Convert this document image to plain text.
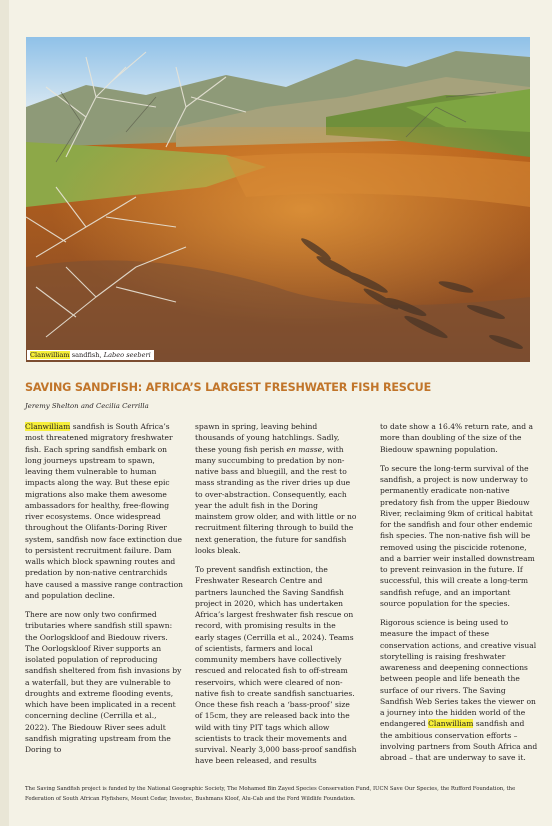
Clanwilliam sandfish, Labeo seeberi
SAVING SANDFISH: AFRICA’S LARGEST FRESHWATER FISH RESCUE
Jeremy Shelton and Cecilia Cerrilla

Clanwilliam sandfish is South Africa’s most threatened migratory freshwater fish. Each spring sandfish embark on long journeys upstream to spawn, leaving them vulnerable to human impacts along the way. But these epic migrations also make them awesome ambassadors for healthy, free-flowing river ecosystems. Once widespread throughout the Olifants-Doring River system, sandfish now face extinction due to persistent recruitment failure. Dam walls which block spawning routes and predation by non-native centrarchids have caused a massive range contraction and population decline.

There are now only two confirmed tributaries where sandfish still spawn: the Oorlogskloof and Biedouw rivers. The Oorlogskloof River supports an isolated population of reproducing sandfish sheltered from fish invasions by a waterfall, but they are vulnerable to droughts and extreme flooding events, which have been implicated in a recent concerning decline (Cerrilla et al., 2022). The Biedouw River sees adult sandfish migrating upstream from the Doring to

spawn in spring, leaving behind thousands of young hatchlings. Sadly, these young fish perish en masse, with many succumbing to predation by non-native bass and bluegill, and the rest to mass stranding as the river dries up due to over-abstraction. Consequently, each year the adult fish in the Doring mainstem grow older, and with little or no recruitment filtering through to build the next generation, the future for sandfish looks bleak.

To prevent sandfish extinction, the Freshwater Research Centre and partners launched the Saving Sandfish project in 2020, which has undertaken Africa’s largest freshwater fish rescue on record, with promising results in the early stages (Cerrilla et al., 2024). Teams of scientists, farmers and local community members have collectively rescued and relocated fish to off-stream reservoirs, which were cleared of non-native fish to create sandfish sanctuaries. Once these fish reach a ‘bass-proof’ size of 15cm, they are released back into the wild with tiny PIT tags which allow scientists to track their movements and survival. Nearly 3,000 bass-proof sandfish have been released, and results

to date show a 16.4% return rate, and a more than doubling of the size of the Biedouw spawning population.

To secure the long-term survival of the sandfish, a project is now underway to permanently eradicate non-native predatory fish from the upper Biedouw River, reclaiming 9km of critical habitat for the sandfish and four other endemic fish species. The non-native fish will be removed using the piscicide rotenone, and a barrier weir installed downstream to prevent reinvasion in the future. If successful, this will create a long-term sandfish refuge, and an important source population for the species.

Rigorous science is being used to measure the impact of these conservation actions, and creative visual storytelling is raising freshwater awareness and deepening connections between people and life beneath the surface of our rivers. The Saving Sandfish Web Series takes the viewer on a journey into the hidden world of the endangered Clanwilliam sandfish and the ambitious conservation efforts – involving partners from South Africa and abroad – that are underway to save it.

The Saving Sandfish project is funded by the National Geographic Society, The Mohamed Bin Zayed Species Conservation Fund, IUCN Save Our Species, the Rufford Foundation, the Federation of South African Flyfishers, Mount Cedar, Investec, Bushmans Kloof, Alu-Cab and the Ford Wildlife Foundation.
